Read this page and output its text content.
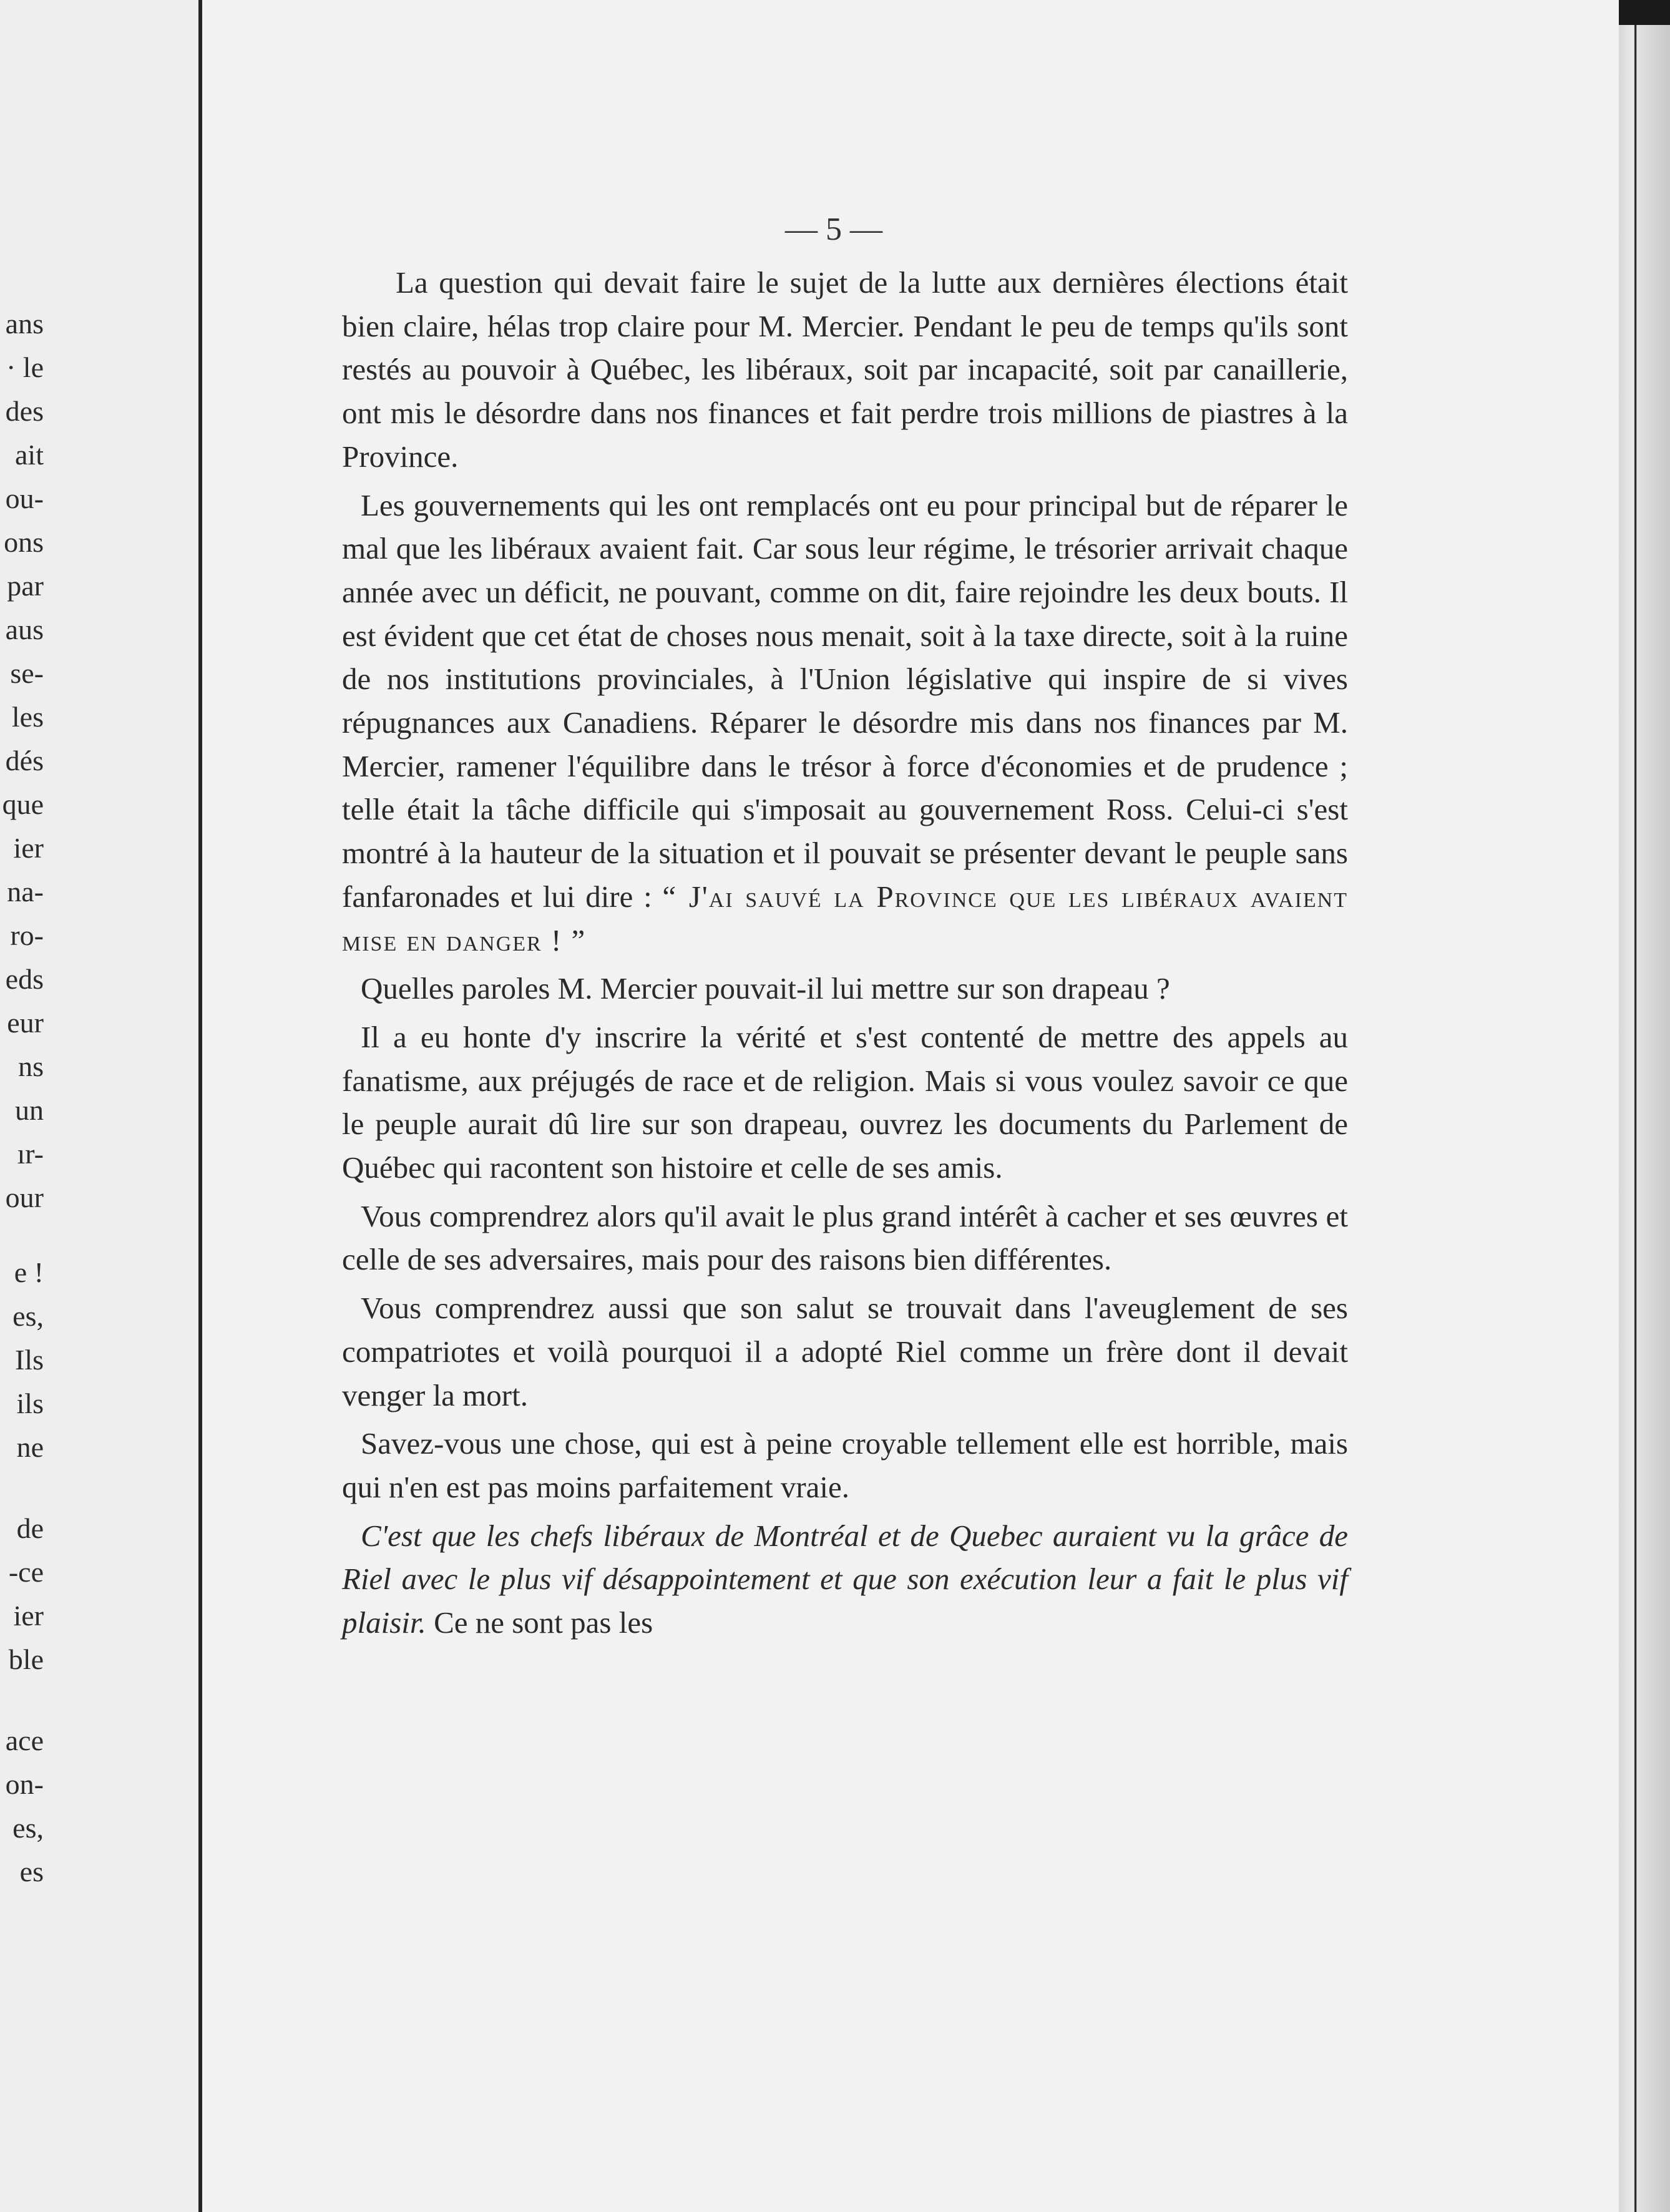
ans
· le
des
ait
ou-
ons
par
aus
se-
les
dés
que
ier
na-
ro-
eds
eur
ns
un
ır-
our
e !
es,
Ils
ils
ne
de
-ce
ier
ble
ace
on-
es,
es
— 5 —

La question qui devait faire le sujet de la lutte aux dernières élections était bien claire, hélas trop claire pour M. Mercier. Pendant le peu de temps qu'ils sont restés au pouvoir à Québec, les libéraux, soit par incapacité, soit par canaillerie, ont mis le désordre dans nos finances et fait perdre trois millions de piastres à la Province.

Les gouvernements qui les ont remplacés ont eu pour principal but de réparer le mal que les libéraux avaient fait. Car sous leur régime, le trésorier arrivait chaque année avec un déficit, ne pouvant, comme on dit, faire rejoindre les deux bouts. Il est évident que cet état de choses nous menait, soit à la taxe directe, soit à la ruine de nos institutions provinciales, à l'Union législative qui inspire de si vives répugnances aux Canadiens. Réparer le désordre mis dans nos finances par M. Mercier, ramener l'équilibre dans le trésor à force d'économies et de prudence ; telle était la tâche difficile qui s'imposait au gouvernement Ross. Celui-ci s'est montré à la hauteur de la situation et il pouvait se présenter devant le peuple sans fanfaronades et lui dire : “ J'ai sauvé la Province que les libéraux avaient mise en danger ! ”

Quelles paroles M. Mercier pouvait-il lui mettre sur son drapeau ?

Il a eu honte d'y inscrire la vérité et s'est contenté de mettre des appels au fanatisme, aux préjugés de race et de religion. Mais si vous voulez savoir ce que le peuple aurait dû lire sur son drapeau, ouvrez les documents du Parlement de Québec qui racontent son histoire et celle de ses amis.

Vous comprendrez alors qu'il avait le plus grand intérêt à cacher et ses œuvres et celle de ses adversaires, mais pour des raisons bien différentes.

Vous comprendrez aussi que son salut se trouvait dans l'aveuglement de ses compatriotes et voilà pourquoi il a adopté Riel comme un frère dont il devait venger la mort.

Savez-vous une chose, qui est à peine croyable tellement elle est horrible, mais qui n'en est pas moins parfaitement vraie.

C'est que les chefs libéraux de Montréal et de Quebec auraient vu la grâce de Riel avec le plus vif désappointement et que son exécution leur a fait le plus vif plaisir. Ce ne sont pas les
